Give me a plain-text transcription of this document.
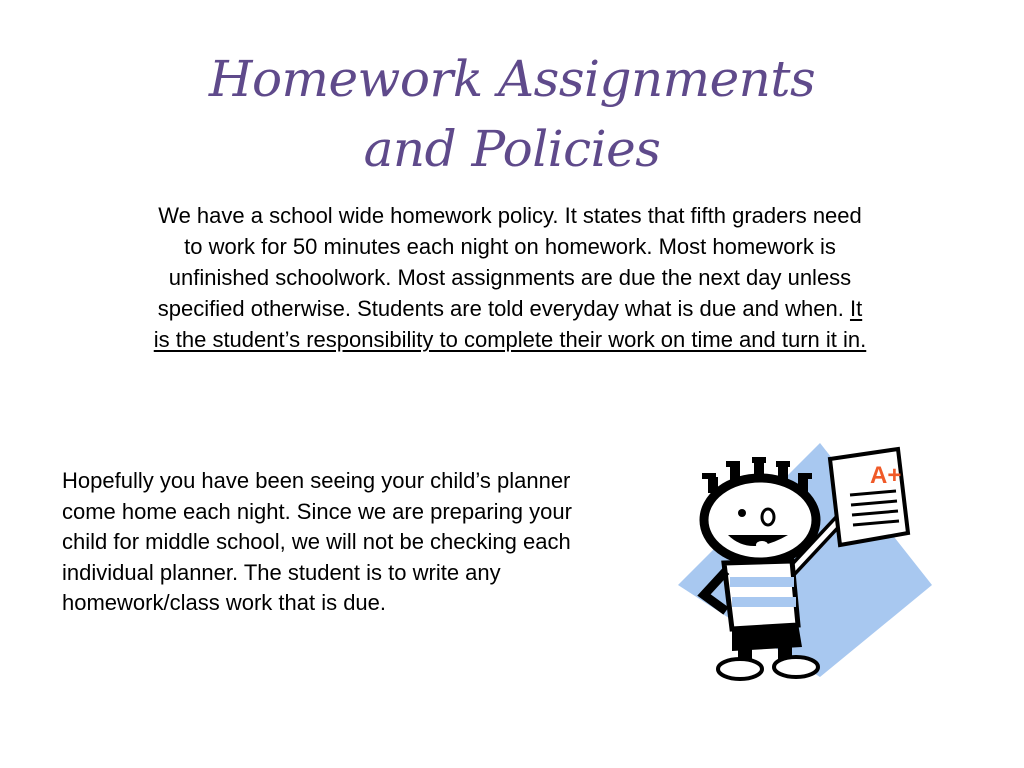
Homework Assignments
and Policies
We have a school wide homework policy. It states that fifth graders need to work for 50 minutes each night on homework. Most homework is unfinished schoolwork. Most assignments are due the next day unless specified otherwise. Students are told everyday what is due and when. It is the student’s responsibility to complete their work on time and turn it in.
Hopefully you have been seeing your child’s planner come home each night. Since we are preparing your child for middle school, we will not be checking each individual planner. The student is to write any homework/class work that is due.
A+
